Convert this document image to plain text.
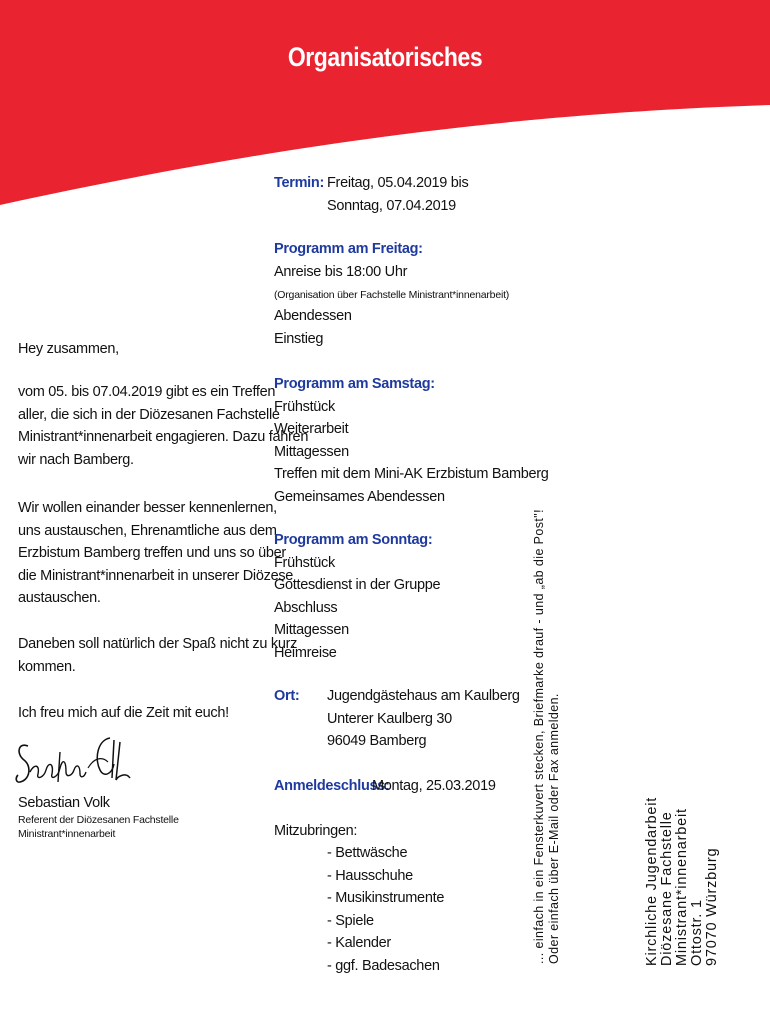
Organisatorisches
Hey zusammen,
vom 05. bis 07.04.2019 gibt es ein Treffen
aller, die sich in der Diözesanen Fachstelle
Ministrant*innenarbeit engagieren. Dazu fahren
wir nach Bamberg.
Wir wollen einander besser kennenlernen,
uns austauschen, Ehrenamtliche aus dem
Erzbistum Bamberg treffen und uns so über
die Ministrant*innenarbeit in unserer Diözese
austauschen.
Daneben soll natürlich der Spaß nicht zu kurz
kommen.
Ich freu mich auf die Zeit mit euch!
Sebastian Volk
Referent der Diözesanen Fachstelle
Ministrant*innenarbeit
Termin: Freitag, 05.04.2019 bis
Sonntag, 07.04.2019
Programm am Freitag:
Anreise bis 18:00 Uhr
(Organisation über Fachstelle Ministrant*innenarbeit)
Abendessen
Einstieg
Programm am Samstag:
Frühstück
Weiterarbeit
Mittagessen
Treffen mit dem Mini-AK Erzbistum Bamberg
Gemeinsames Abendessen
Programm am Sonntag:
Frühstück
Gottesdienst in der Gruppe
Abschluss
Mittagessen
Heimreise
Ort: Jugendgästehaus am Kaulberg
Unterer Kaulberg 30
96049 Bamberg
Anmeldeschluss:
Montag, 25.03.2019
Mitzubringen:
- Bettwäsche
- Hausschuhe
- Musikinstrumente
- Spiele
- Kalender
- ggf. Badesachen
... einfach in ein Fensterkuvert stecken, Briefmarke drauf - und „ab die Post"! Oder einfach über E-Mail oder Fax anmelden.	Kirchliche Jugendarbeit Diözesane Fachstelle Ministrant*innenarbeit Ottostr. 1 97070 Würzburg
